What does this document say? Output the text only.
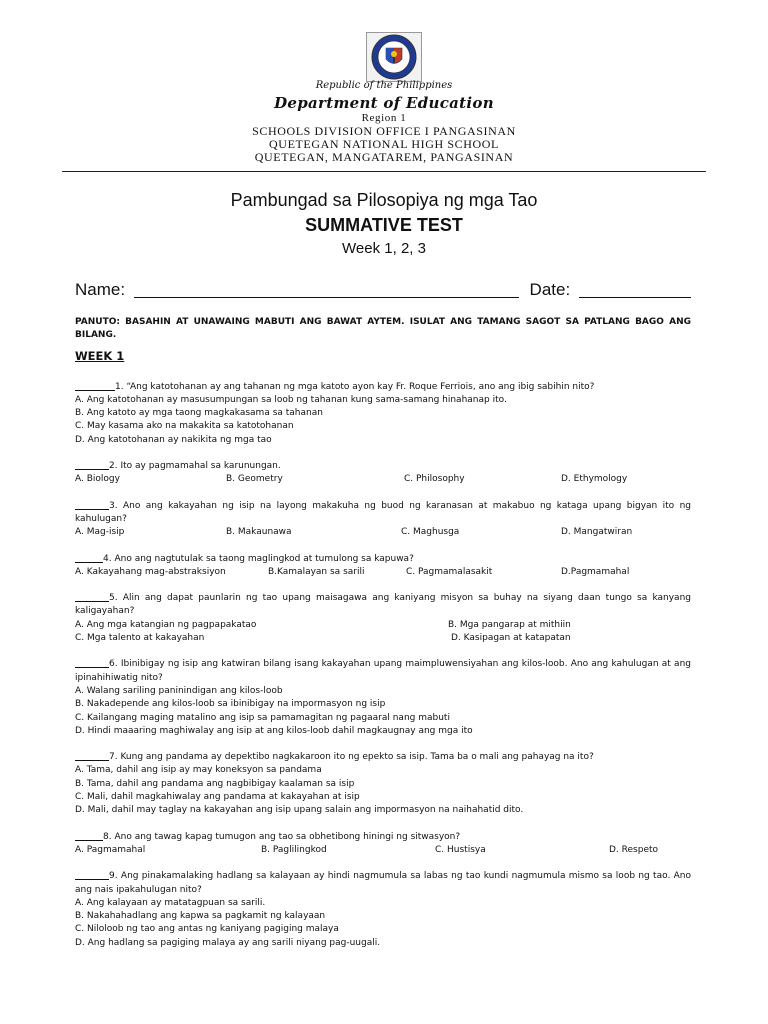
Republic of the Philippines
Department of Education
Region 1
SCHOOLS DIVISION OFFICE I PANGASINAN
QUETEGAN NATIONAL HIGH SCHOOL
QUETEGAN, MANGATAREM, PANGASINAN
Pambungad sa Pilosopiya ng mga Tao
SUMMATIVE TEST
Week 1, 2, 3
Name:	Date:

PANUTO: BASAHIN AT UNAWAING MABUTI ANG BAWAT AYTEM. ISULAT ANG TAMANG SAGOT SA PATLANG BAGO ANG BILANG.

WEEK 1
1. “Ang katotohanan ay ang tahanan ng mga katoto ayon kay Fr. Roque Ferriois, ano ang ibig sabihin nito?
A. Ang katotohanan ay masusumpungan sa loob ng tahanan kung sama-samang hinahanap ito.
B. Ang katoto ay mga taong magkakasama sa tahanan
C. May kasama ako na makakita sa katotohanan
D. Ang katotohanan ay nakikita ng mga tao
2. Ito ay pagmamahal sa karunungan.
A. Biology	B. Geometry	C. Philosophy	D. Ethymology
3. Ano ang kakayahan ng isip na layong makakuha ng buod ng karanasan at makabuo ng kataga upang bigyan ito ng kahulugan?
A. Mag-isip	B. Makaunawa	C. Maghusga	D. Mangatwiran
4. Ano ang nagtutulak sa taong maglingkod at tumulong sa kapuwa?
A. Kakayahang mag-abstraksiyon	B.Kamalayan sa sarili	C. Pagmamalasakit	D.Pagmamahal
5. Alin ang dapat paunlarin ng tao upang maisagawa ang kaniyang misyon sa buhay na siyang daan tungo sa kanyang kaligayahan?
A. Ang mga katangian ng pagpapakatao	B. Mga pangarap at mithiin
C. Mga talento at kakayahan	D. Kasipagan at katapatan
6. Ibinibigay ng isip ang katwiran bilang isang kakayahan upang maimpluwensiyahan ang kilos-loob. Ano ang kahulugan at ang ipinahihiwatig nito?
A. Walang sariling paninindigan ang kilos-loob
B. Nakadepende ang kilos-loob sa ibinibigay na impormasyon ng isip
C. Kailangang maging matalino ang isip sa pamamagitan ng pagaaral nang mabuti
D. Hindi maaaring maghiwalay ang isip at ang kilos-loob dahil magkaugnay ang mga ito
7. Kung ang pandama ay depektibo nagkakaroon ito ng epekto sa isip. Tama ba o mali ang pahayag na ito?
A. Tama, dahil ang isip ay may koneksyon sa pandama
B. Tama, dahil ang pandama ang nagbibigay kaalaman sa isip
C. Mali, dahil magkahiwalay ang pandama at kakayahan at isip
D. Mali, dahil may taglay na kakayahan ang isip upang salain ang impormasyon na naihahatid dito.
8. Ano ang tawag kapag tumugon ang tao sa obhetibong hiningi ng sitwasyon?
A. Pagmamahal	B. Paglilingkod	C. Hustisya	D. Respeto
9. Ang pinakamalaking hadlang sa kalayaan ay hindi nagmumula sa labas ng tao kundi nagmumula mismo sa loob ng tao. Ano ang nais ipakahulugan nito?
A. Ang kalayaan ay matatagpuan sa sarili.
B. Nakahahadlang ang kapwa sa pagkamit ng kalayaan
C. Niloloob ng tao ang antas ng kaniyang pagiging malaya
D. Ang hadlang sa pagiging malaya ay ang sarili niyang pag-uugali.
